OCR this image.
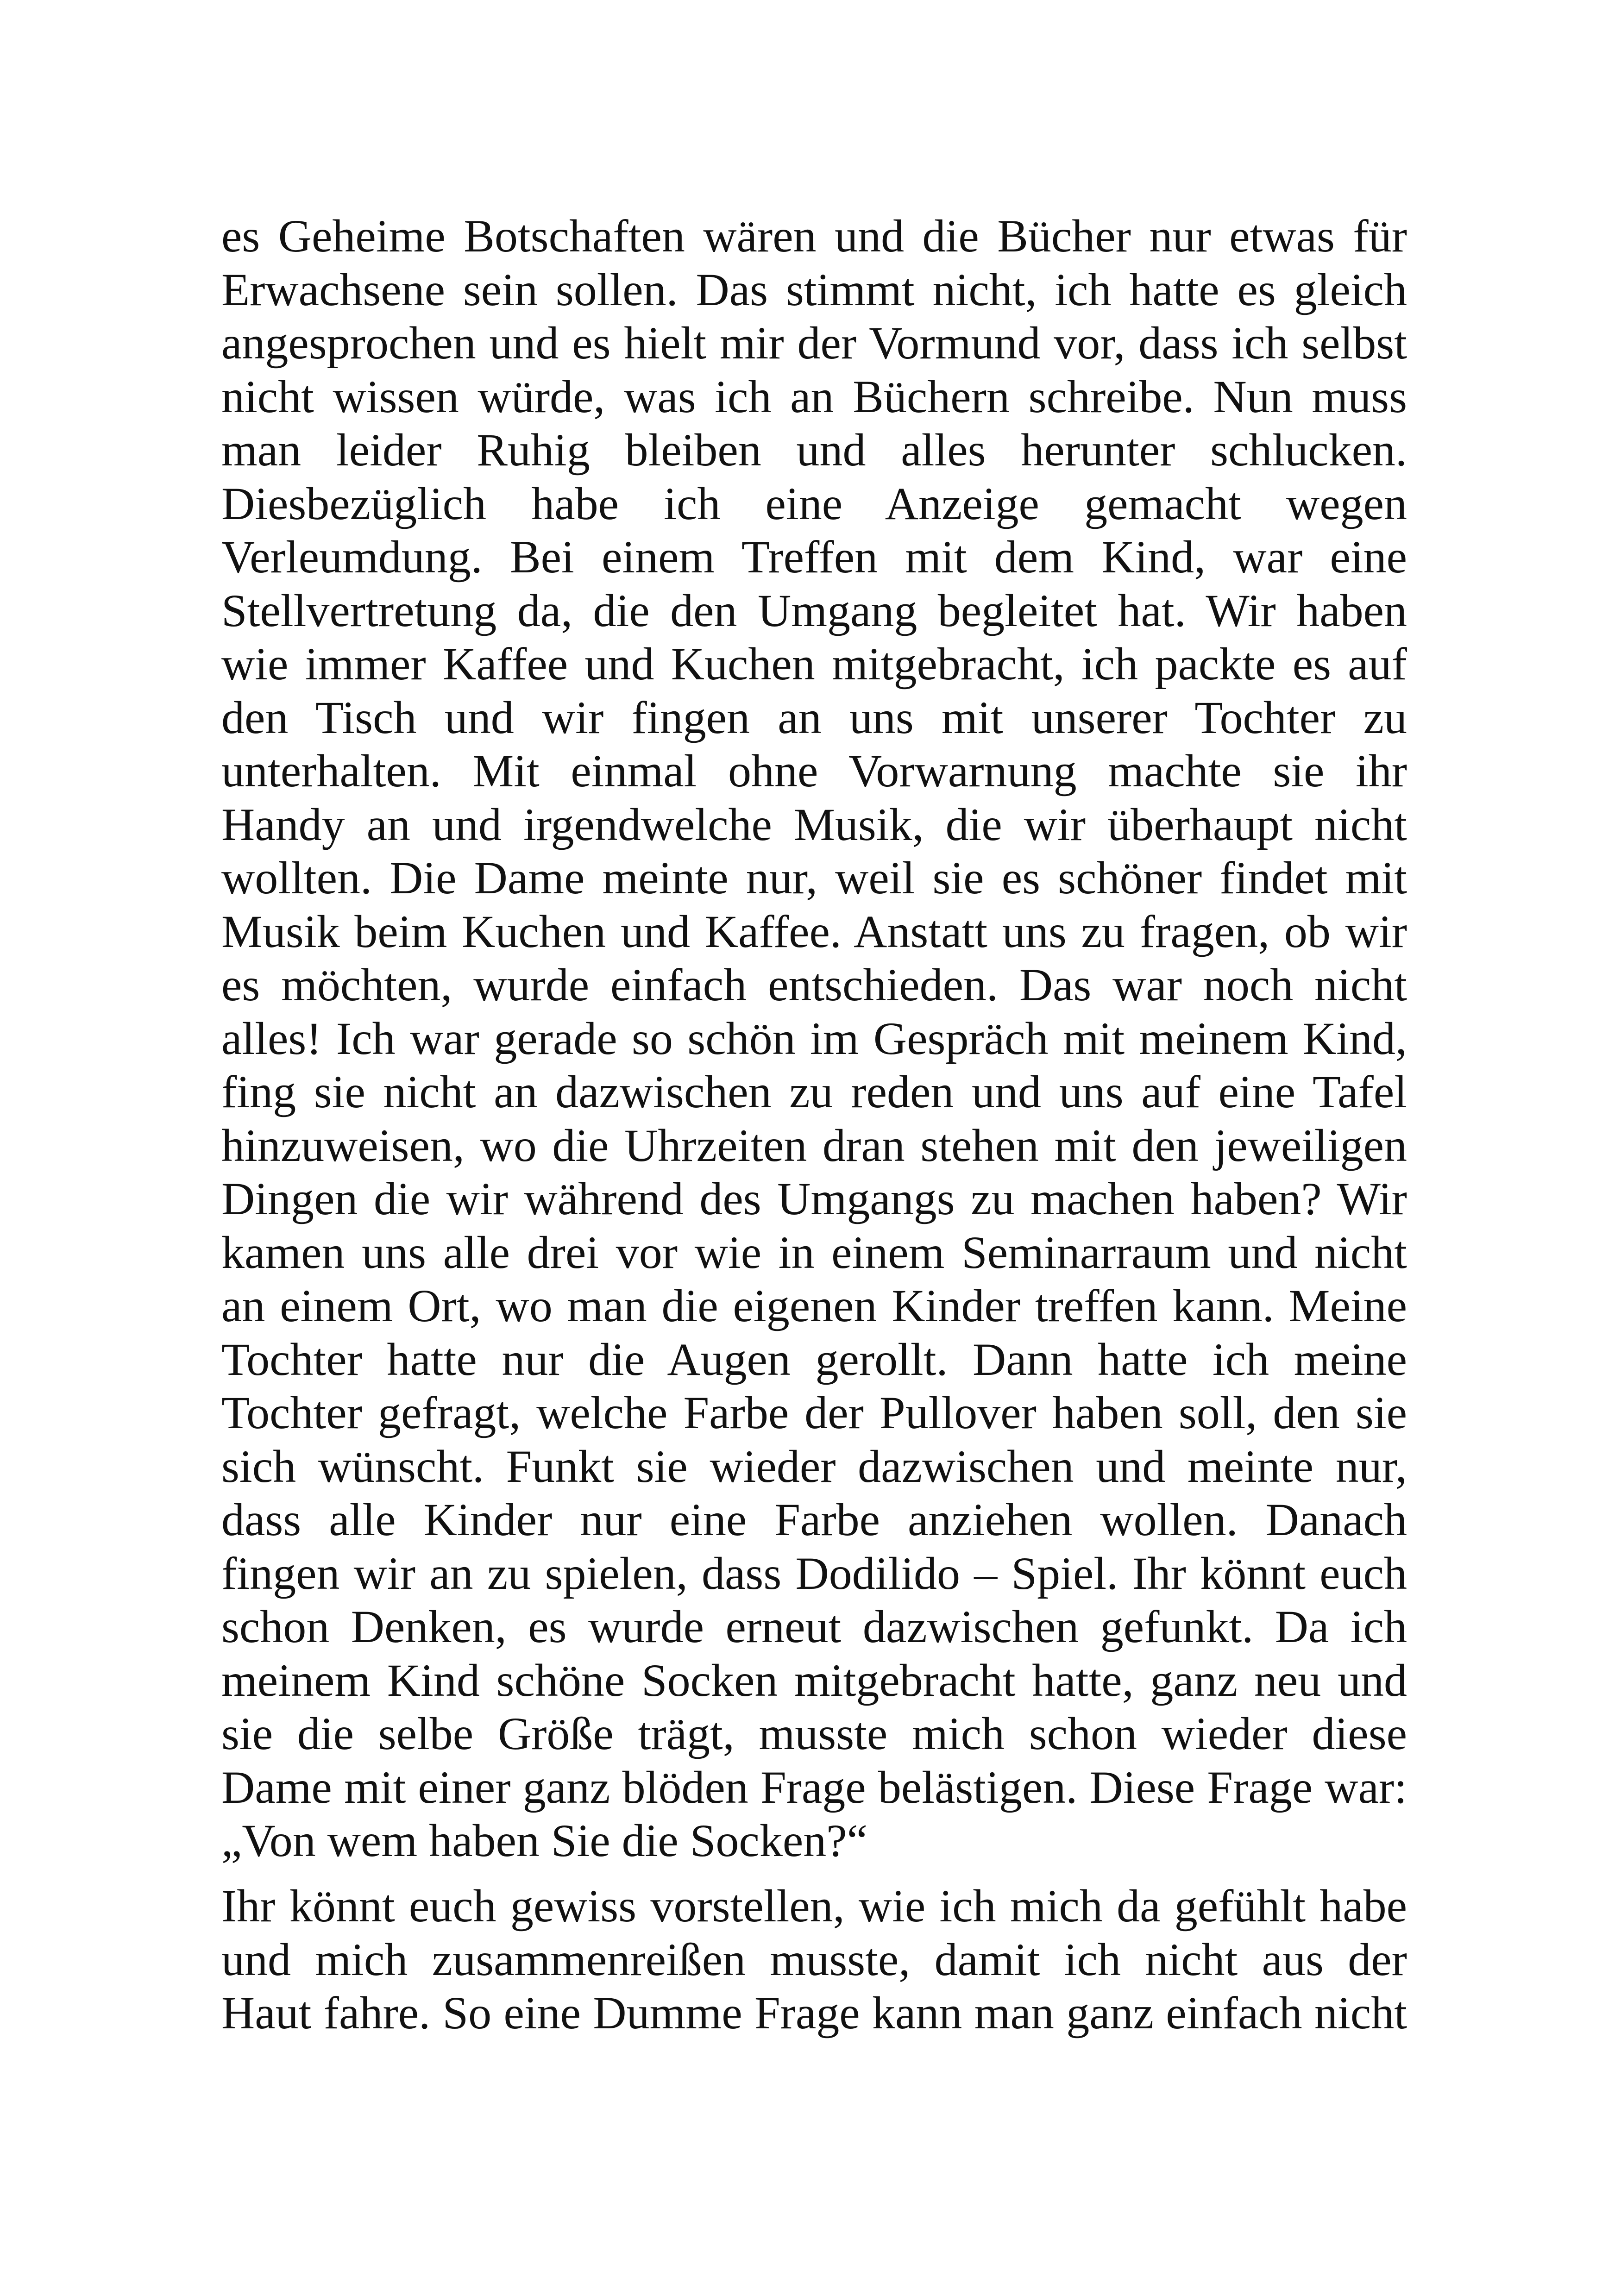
es Geheime Botschaften wären und die Bücher nur etwas für
Erwachsene sein sollen. Das stimmt nicht, ich hatte es gleich
angesprochen und es hielt mir der Vormund vor, dass ich selbst
nicht wissen würde, was ich an Büchern schreibe. Nun muss
man leider Ruhig bleiben und alles herunter schlucken.
Diesbezüglich habe ich eine Anzeige gemacht wegen
Verleumdung. Bei einem Treffen mit dem Kind, war eine
Stellvertretung da, die den Umgang begleitet hat. Wir haben
wie immer Kaffee und Kuchen mitgebracht, ich packte es auf
den Tisch und wir fingen an uns mit unserer Tochter zu
unterhalten. Mit einmal ohne Vorwarnung machte sie ihr
Handy an und irgendwelche Musik, die wir überhaupt nicht
wollten. Die Dame meinte nur, weil sie es schöner findet mit
Musik beim Kuchen und Kaffee. Anstatt uns zu fragen, ob wir
es möchten, wurde einfach entschieden. Das war noch nicht
alles! Ich war gerade so schön im Gespräch mit meinem Kind,
fing sie nicht an dazwischen zu reden und uns auf eine Tafel
hinzuweisen, wo die Uhrzeiten dran stehen mit den jeweiligen
Dingen die wir während des Umgangs zu machen haben? Wir
kamen uns alle drei vor wie in einem Seminarraum und nicht
an einem Ort, wo man die eigenen Kinder treffen kann. Meine
Tochter hatte nur die Augen gerollt. Dann hatte ich meine
Tochter gefragt, welche Farbe der Pullover haben soll, den sie
sich wünscht. Funkt sie wieder dazwischen und meinte nur,
dass alle Kinder nur eine Farbe anziehen wollen. Danach
fingen wir an zu spielen, dass Dodilido – Spiel. Ihr könnt euch
schon Denken, es wurde erneut dazwischen gefunkt. Da ich
meinem Kind schöne Socken mitgebracht hatte, ganz neu und
sie die selbe Größe trägt, musste mich schon wieder diese
Dame mit einer ganz blöden Frage belästigen. Diese Frage war:
„Von wem haben Sie die Socken?“
Ihr könnt euch gewiss vorstellen, wie ich mich da gefühlt habe
und mich zusammenreißen musste, damit ich nicht aus der
Haut fahre. So eine Dumme Frage kann man ganz einfach nicht
